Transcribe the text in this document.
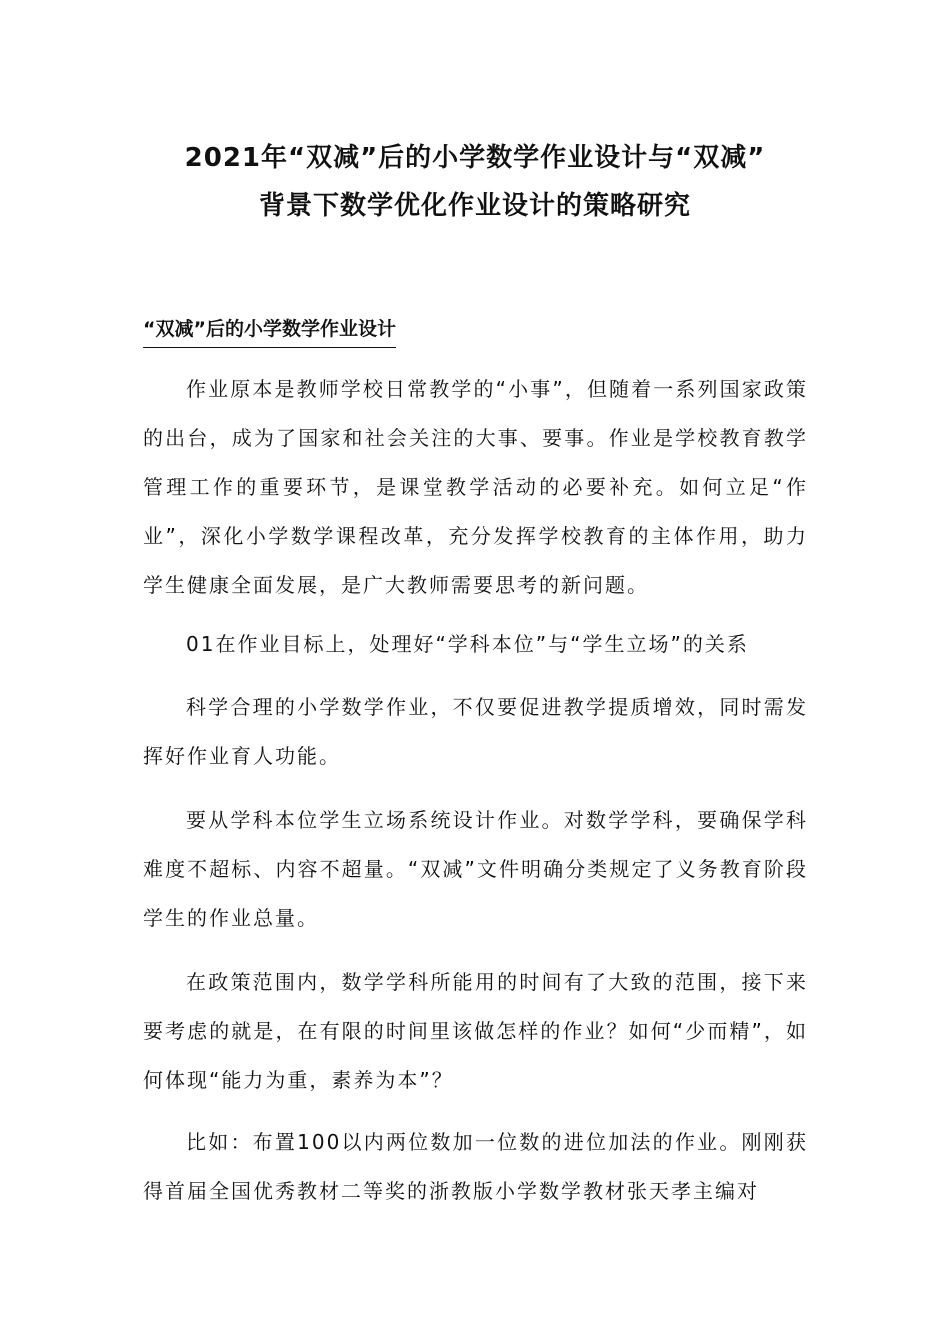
2021年“双减”后的小学数学作业设计与“双减”
背景下数学优化作业设计的策略研究
“双减”后的小学数学作业设计

作业原本是教师学校日常教学的“小事”，但随着一系列国家政策的出台，成为了国家和社会关注的大事、要事。作业是学校教育教学管理工作的重要环节，是课堂教学活动的必要补充。如何立足“作业”，深化小学数学课程改革，充分发挥学校教育的主体作用，助力学生健康全面发展，是广大教师需要思考的新问题。

01在作业目标上，处理好“学科本位”与“学生立场”的关系

科学合理的小学数学作业，不仅要促进教学提质增效，同时需发挥好作业育人功能。

要从学科本位学生立场系统设计作业。对数学学科，要确保学科难度不超标、内容不超量。“双减”文件明确分类规定了义务教育阶段学生的作业总量。

在政策范围内，数学学科所能用的时间有了大致的范围，接下来要考虑的就是，在有限的时间里该做怎样的作业？如何“少而精”，如何体现“能力为重，素养为本”？

比如：布置100以内两位数加一位数的进位加法的作业。刚刚获得首届全国优秀教材二等奖的浙教版小学数学教材张天孝主编对
